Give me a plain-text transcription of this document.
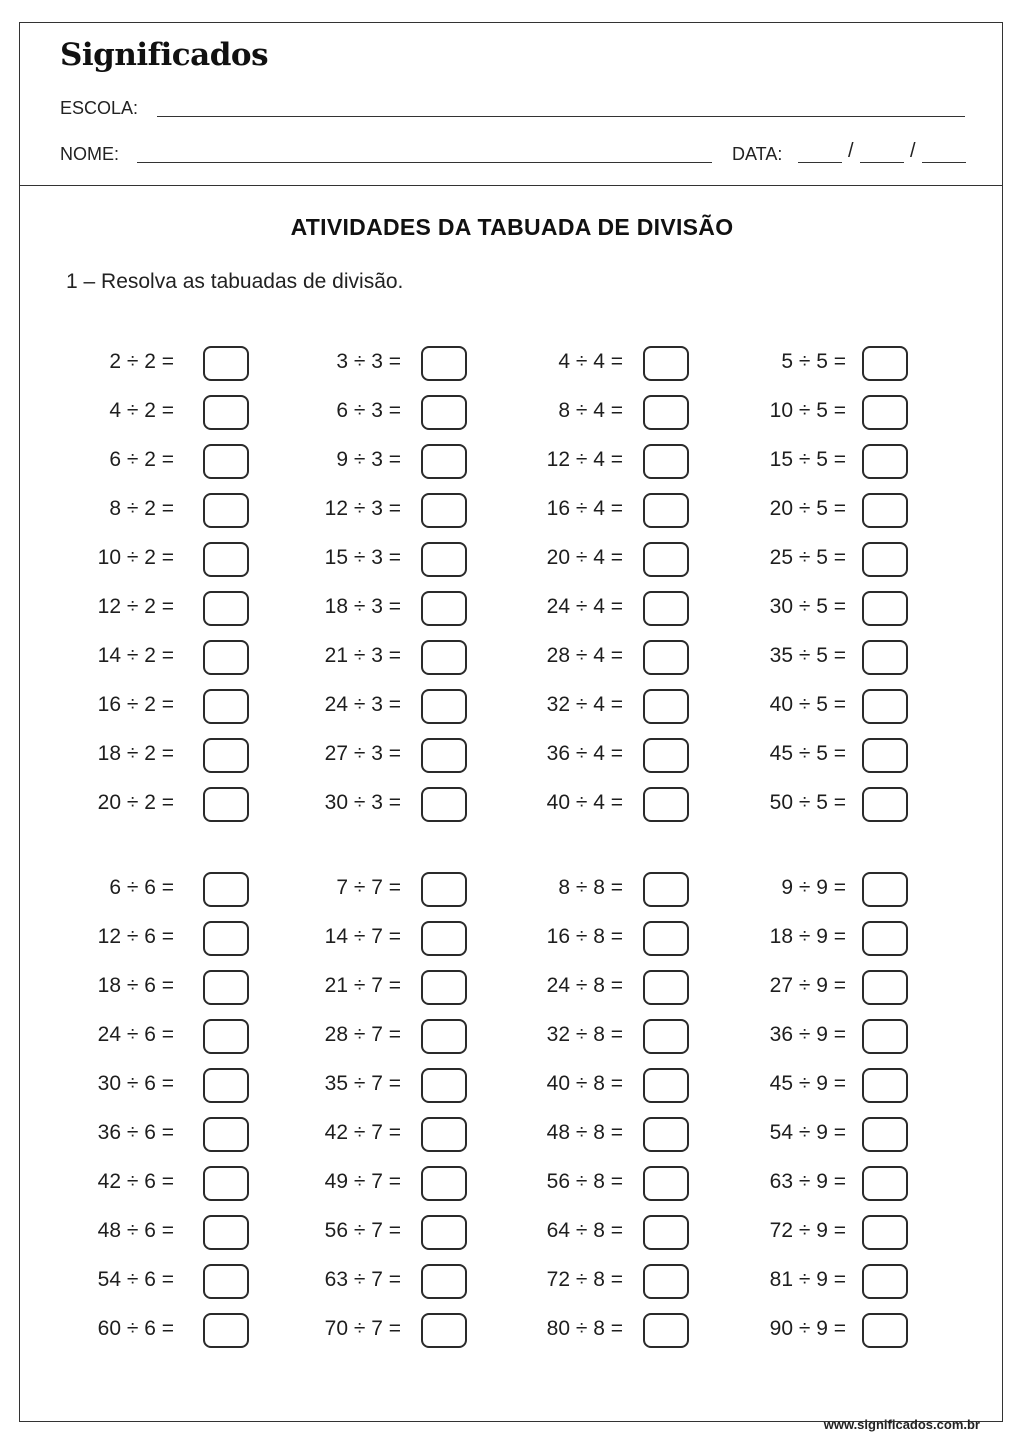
Significados
ESCOLA:
NOME:	DATA:	/	/
ATIVIDADES DA TABUADA DE DIVISÃO
1 – Resolva as tabuadas de divisão.
2 ÷ 2 =
4 ÷ 2 =
6 ÷ 2 =
8 ÷ 2 =
10 ÷ 2 =
12 ÷ 2 =
14 ÷ 2 =
16 ÷ 2 =
18 ÷ 2 =
20 ÷ 2 =
3 ÷ 3 =
6 ÷ 3 =
9 ÷ 3 =
12 ÷ 3 =
15 ÷ 3 =
18 ÷ 3 =
21 ÷ 3 =
24 ÷ 3 =
27 ÷ 3 =
30 ÷ 3 =
4 ÷ 4 =
8 ÷ 4 =
12 ÷ 4 =
16 ÷ 4 =
20 ÷ 4 =
24 ÷ 4 =
28 ÷ 4 =
32 ÷ 4 =
36 ÷ 4 =
40 ÷ 4 =
5 ÷ 5 =
10 ÷ 5 =
15 ÷ 5 =
20 ÷ 5 =
25 ÷ 5 =
30 ÷ 5 =
35 ÷ 5 =
40 ÷ 5 =
45 ÷ 5 =
50 ÷ 5 =
6 ÷ 6 =
12 ÷ 6 =
18 ÷ 6 =
24 ÷ 6 =
30 ÷ 6 =
36 ÷ 6 =
42 ÷ 6 =
48 ÷ 6 =
54 ÷ 6 =
60 ÷ 6 =
7 ÷ 7 =
14 ÷ 7 =
21 ÷ 7 =
28 ÷ 7 =
35 ÷ 7 =
42 ÷ 7 =
49 ÷ 7 =
56 ÷ 7 =
63 ÷ 7 =
70 ÷ 7 =
8 ÷ 8 =
16 ÷ 8 =
24 ÷ 8 =
32 ÷ 8 =
40 ÷ 8 =
48 ÷ 8 =
56 ÷ 8 =
64 ÷ 8 =
72 ÷ 8 =
80 ÷ 8 =
9 ÷ 9 =
18 ÷ 9 =
27 ÷ 9 =
36 ÷ 9 =
45 ÷ 9 =
54 ÷ 9 =
63 ÷ 9 =
72 ÷ 9 =
81 ÷ 9 =
90 ÷ 9 =
www.significados.com.br
